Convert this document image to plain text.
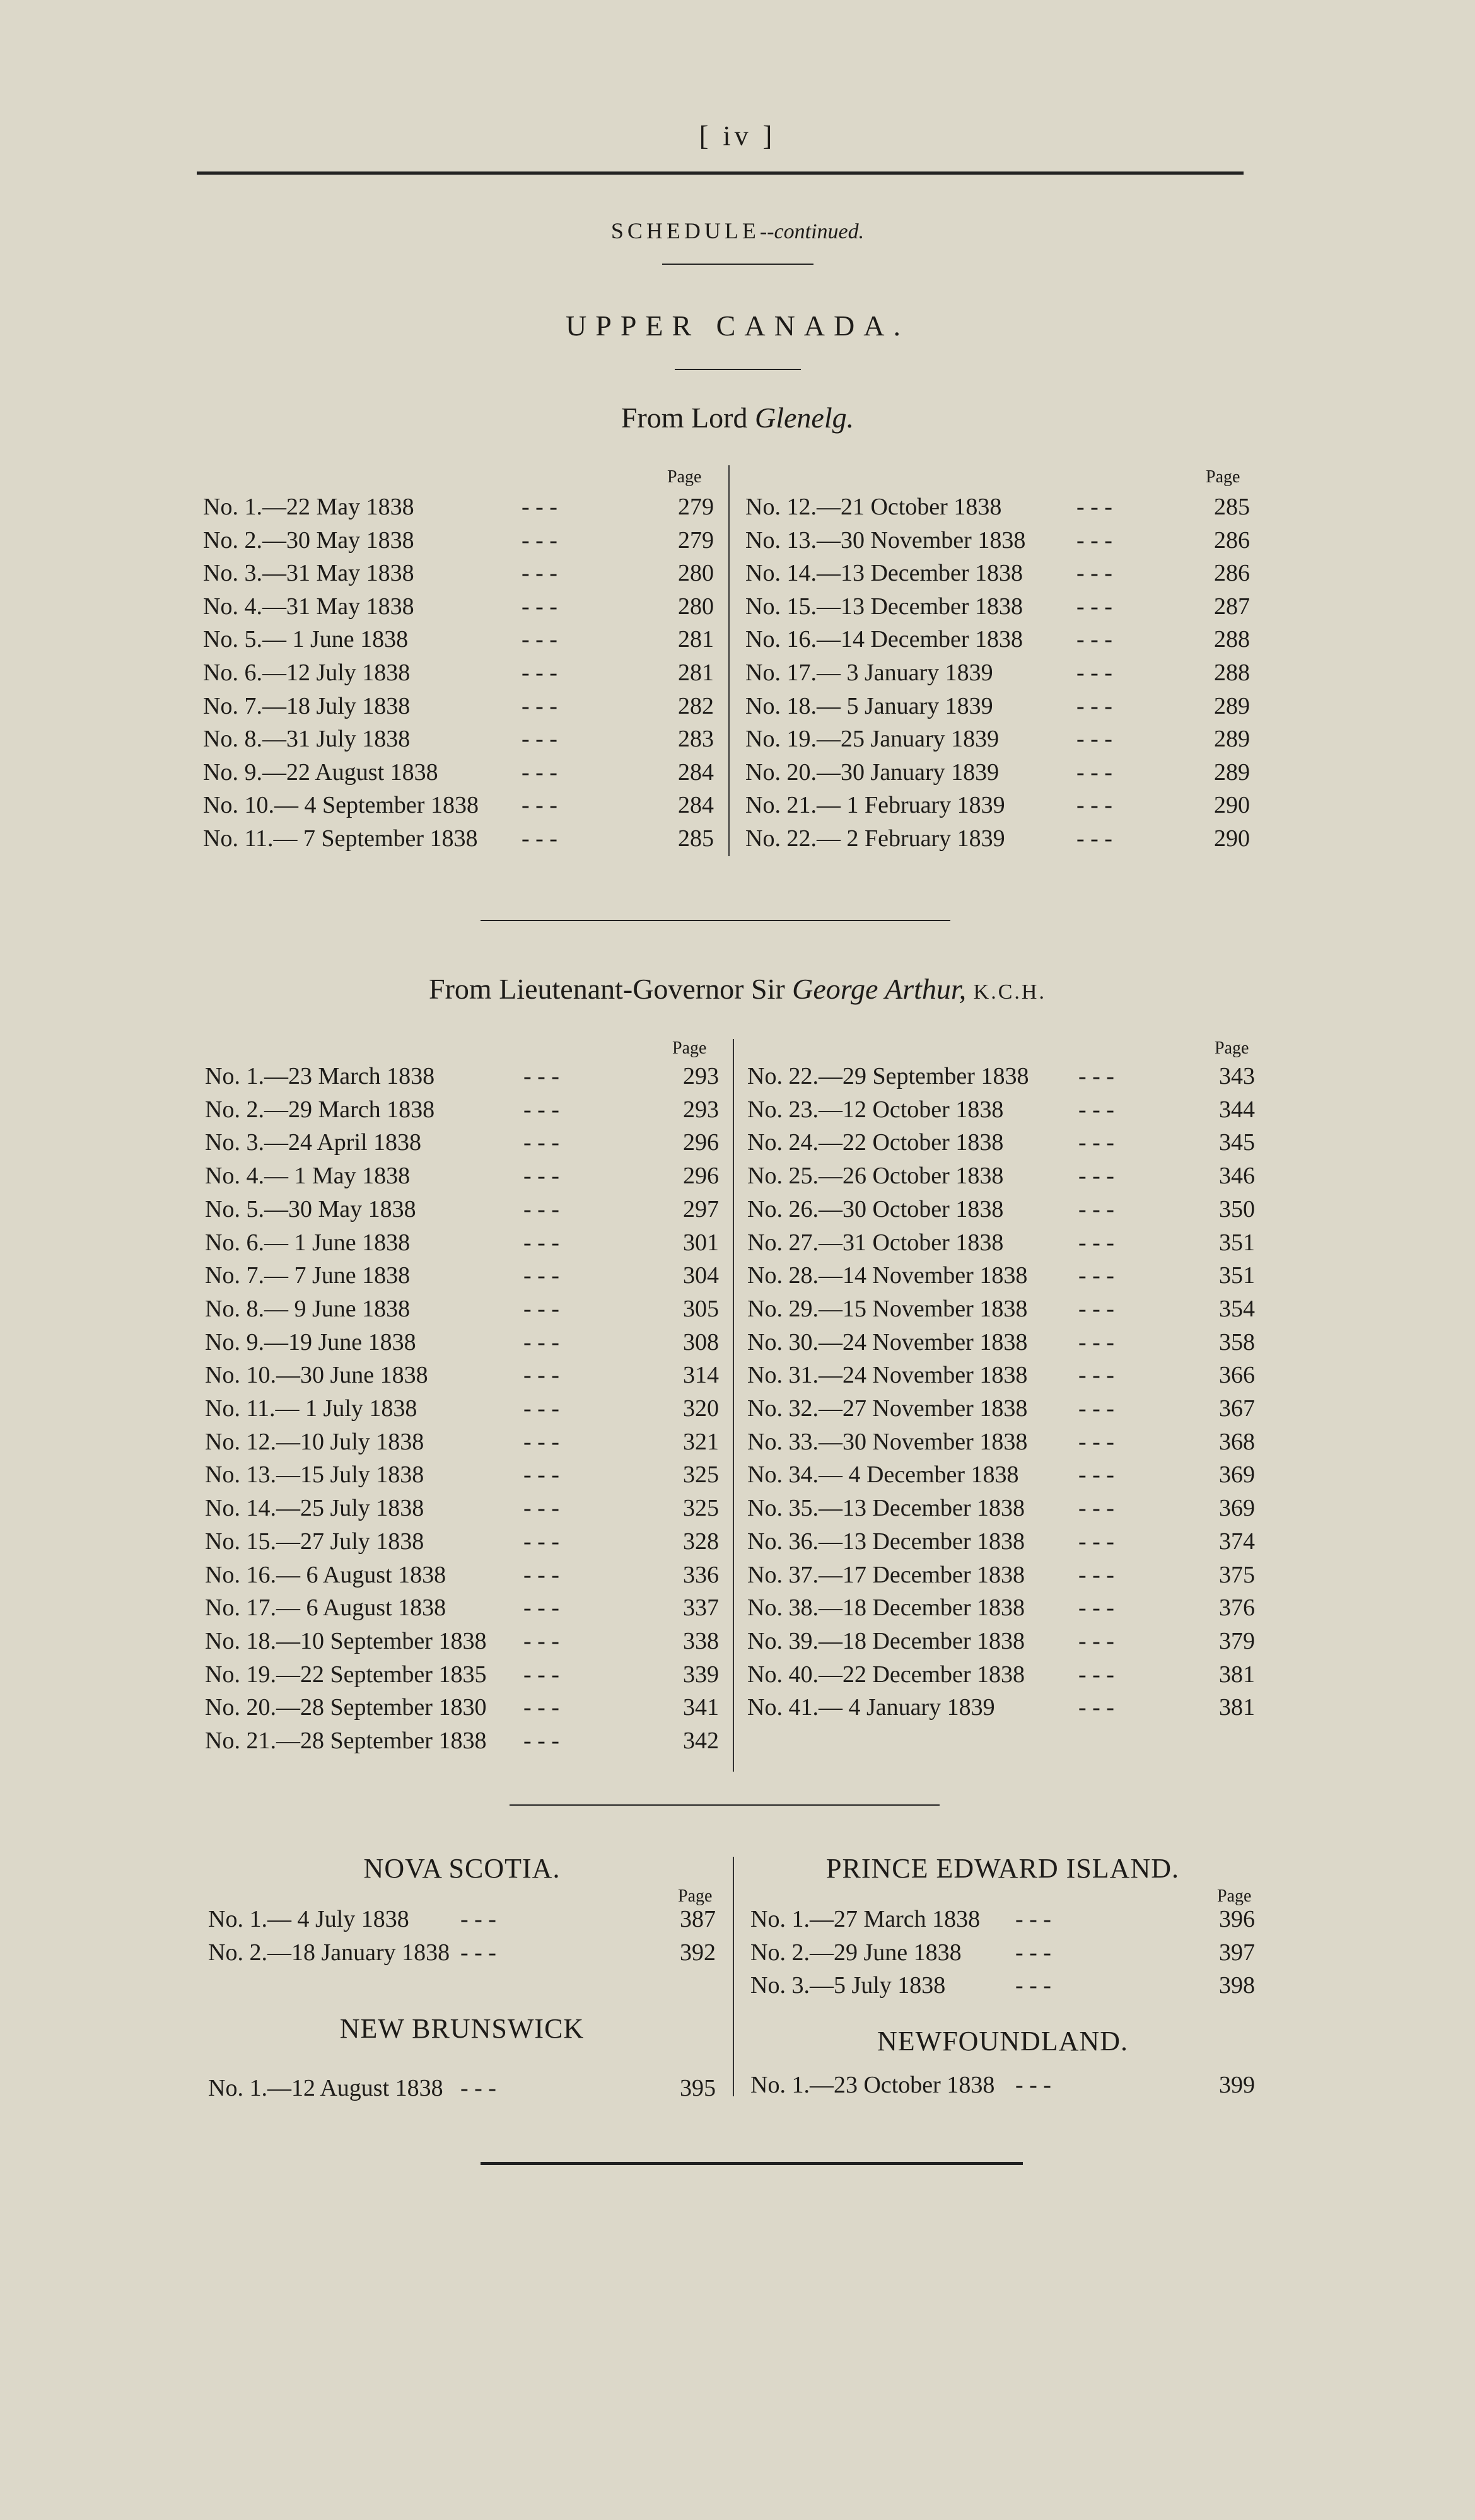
[ iv ]
SCHEDULE--continued.
UPPER CANADA.
From Lord Glenelg.
Page	Page
No. 1.—22 May 1838	- - -	279
No. 2.—30 May 1838	- - -	279
No. 3.—31 May 1838	- - -	280
No. 4.—31 May 1838	- - -	280
No. 5.— 1 June 1838	- - -	281
No. 6.—12 July 1838	- - -	281
No. 7.—18 July 1838	- - -	282
No. 8.—31 July 1838	- - -	283
No. 9.—22 August 1838	- - -	284
No. 10.— 4 September 1838 - - -	284
No. 11.— 7 September 1838 - - -	285
No. 12.—21 October 1838	- - -	285
No. 13.—30 November 1838 - - -	286
No. 14.—13 December 1838 - - -	286
No. 15.—13 December 1838 - - -	287
No. 16.—14 December 1838 - - -	288
No. 17.— 3 January 1839	- - -	288
No. 18.— 5 January 1839	- - -	289
No. 19.—25 January 1839	- - -	289
No. 20.—30 January 1839	- - -	289
No. 21.— 1 February 1839	- - -	290
No. 22.— 2 February 1839	- - -	290
From Lieutenant-Governor Sir George Arthur, K.C.H.
Page	Page
No. 1.—23 March 1838	- - -	293
No. 2.—29 March 1838	- - -	293
No. 3.—24 April 1838	- - -	296
No. 4.— 1 May 1838	- - -	296
No. 5.—30 May 1838	- - -	297
No. 6.— 1 June 1838	- - -	301
No. 7.— 7 June 1838	- - -	304
No. 8.— 9 June 1838	- - -	305
No. 9.—19 June 1838	- - -	308
No. 10.—30 June 1838	- - -	314
No. 11.— 1 July 1838	- - -	320
No. 12.—10 July 1838	- - -	321
No. 13.—15 July 1838	- - -	325
No. 14.—25 July 1838	- - -	325
No. 15.—27 July 1838	- - -	328
No. 16.— 6 August 1838	- - -	336
No. 17.— 6 August 1838	- - -	337
No. 18.—10 September 1838 - - -	338
No. 19.—22 September 1835 - - -	339
No. 20.—28 September 1830 - - -	341
No. 21.—28 September 1838 - - -	342
No. 22.—29 September 1838 - - -	343
No. 23.—12 October 1838	- - -	344
No. 24.—22 October 1838	- - -	345
No. 25.—26 October 1838	- - -	346
No. 26.—30 October 1838	- - -	350
No. 27.—31 October 1838	- - -	351
No. 28.—14 November 1838 - - -	351
No. 29.—15 November 1838 - - -	354
No. 30.—24 November 1838 - - -	358
No. 31.—24 November 1838 - - -	366
No. 32.—27 November 1838 - - -	367
No. 33.—30 November 1838 - - -	368
No. 34.— 4 December 1838 - - -	369
No. 35.—13 December 1838 - - -	369
No. 36.—13 December 1838 - - -	374
No. 37.—17 December 1838 - - -	375
No. 38.—18 December 1838 - - -	376
No. 39.—18 December 1838 - - -	379
No. 40.—22 December 1838 - - -	381
No. 41.— 4 January 1839	- - -	381
NOVA SCOTIA.
Page
No. 1.— 4 July 1838 - - -	387
No. 2.—18 January 1838 - - -	392
NEW BRUNSWICK
No. 1.—12 August 1838 - - -	395
PRINCE EDWARD ISLAND.
Page
No. 1.—27 March 1838 - - -	396
No. 2.—29 June 1838 - - -	397
No. 3.—5 July 1838	- - -	398
NEWFOUNDLAND.
No. 1.—23 October 1838 - - -	399
